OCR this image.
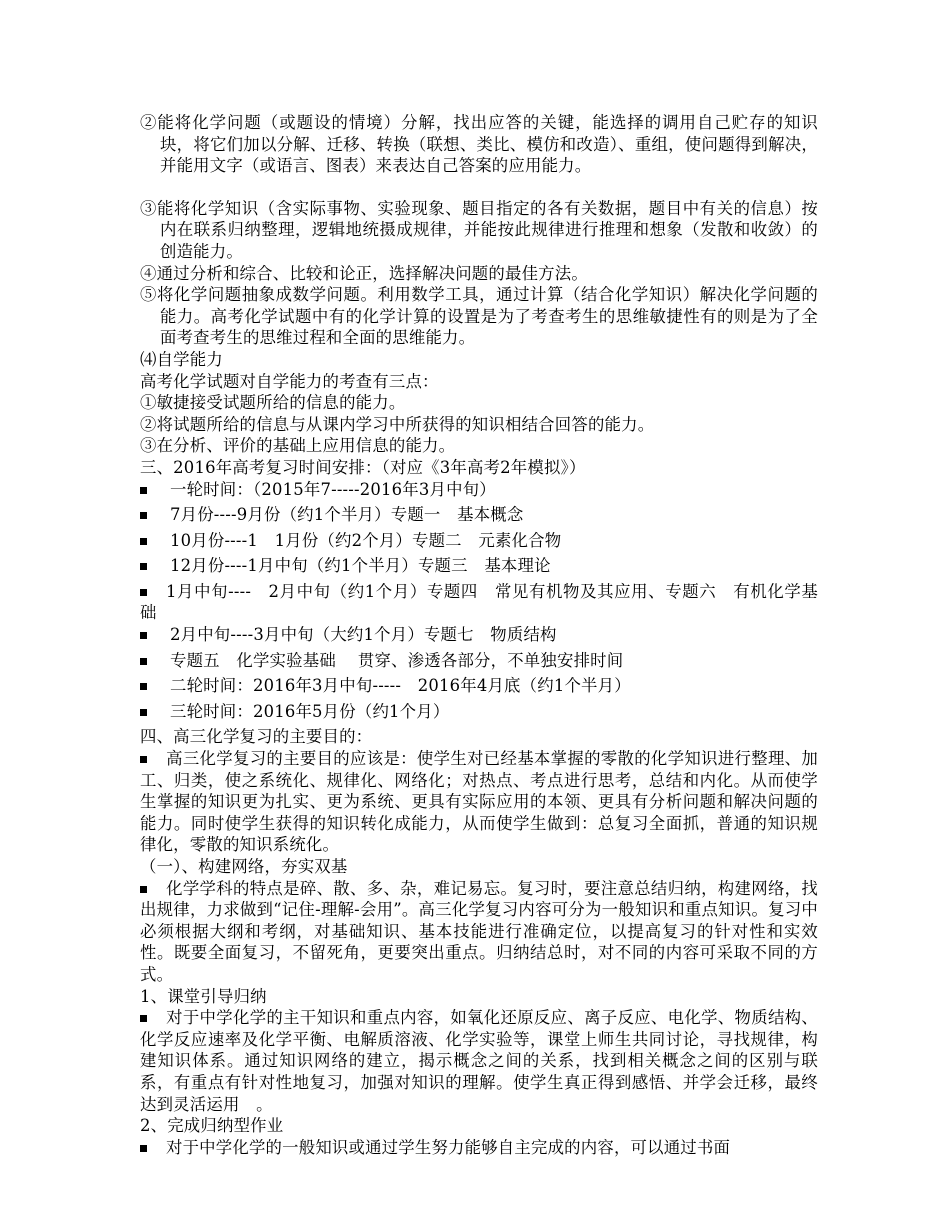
②能将化学问题（或题设的情境）分解，找出应答的关键，能选择的调用自己贮存的知识块，将它们加以分解、迁移、转换（联想、类比、模仿和改造）、重组，使问题得到解决，并能用文字（或语言、图表）来表达自己答案的应用能力。

③能将化学知识（含实际事物、实验现象、题目指定的各有关数据，题目中有关的信息）按内在联系归纳整理，逻辑地统摄成规律，并能按此规律进行推理和想象（发散和收敛）的创造能力。

④通过分析和综合、比较和论正，选择解决问题的最佳方法。

⑤将化学问题抽象成数学问题。利用数学工具，通过计算（结合化学知识）解决化学问题的能力。高考化学试题中有的化学计算的设置是为了考查考生的思维敏捷性有的则是为了全面考查考生的思维过程和全面的思维能力。

⑷自学能力

高考化学试题对自学能力的考查有三点：

①敏捷接受试题所给的信息的能力。

②将试题所给的信息与从课内学习中所获得的知识相结合回答的能力。

③在分析、评价的基础上应用信息的能力。

三、2016年高考复习时间安排：（对应《3年高考2年模拟》）

一轮时间：（2015年7-----2016年3月中旬）
7月份----9月份（约1个半月）专题一　基本概念
10月份----1　1月份（约2个月）专题二　元素化合物
12月份----1月中旬（约1个半月）专题三　基本理论

1月中旬----　2月中旬（约1个月）专题四　常见有机物及其应用、专题六　有机化学基础

2月中旬----3月中旬（大约1个月）专题七　物质结构
专题五　化学实验基础　 贯穿、渗透各部分，不单独安排时间
二轮时间：2016年3月中旬-----　2016年4月底（约1个半月）
三轮时间：2016年5月份（约1个月）

四、高三化学复习的主要目的：

高三化学复习的主要目的应该是：使学生对已经基本掌握的零散的化学知识进行整理、加工、归类，使之系统化、规律化、网络化；对热点、考点进行思考，总结和内化。从而使学生掌握的知识更为扎实、更为系统、更具有实际应用的本领、更具有分析问题和解决问题的能力。同时使学生获得的知识转化成能力，从而使学生做到：总复习全面抓，普通的知识规律化，零散的知识系统化。

（一）、构建网络，夯实双基

化学学科的特点是碎、散、多、杂，难记易忘。复习时，要注意总结归纳，构建网络，找出规律，力求做到“记住-理解-会用”。高三化学复习内容可分为一般知识和重点知识。复习中必须根据大纲和考纲，对基础知识、基本技能进行准确定位，以提高复习的针对性和实效性。既要全面复习，不留死角，更要突出重点。归纳结总时，对不同的内容可采取不同的方式。

1、课堂引导归纳

对于中学化学的主干知识和重点内容，如氧化还原反应、离子反应、电化学、物质结构、化学反应速率及化学平衡、电解质溶液、化学实验等，课堂上师生共同讨论，寻找规律，构建知识体系。通过知识网络的建立，揭示概念之间的关系，找到相关概念之间的区别与联系，有重点有针对性地复习，加强对知识的理解。使学生真正得到感悟、并学会迁移，最终达到灵活运用　。

2、完成归纳型作业

对于中学化学的一般知识或通过学生努力能够自主完成的内容，可以通过书面
